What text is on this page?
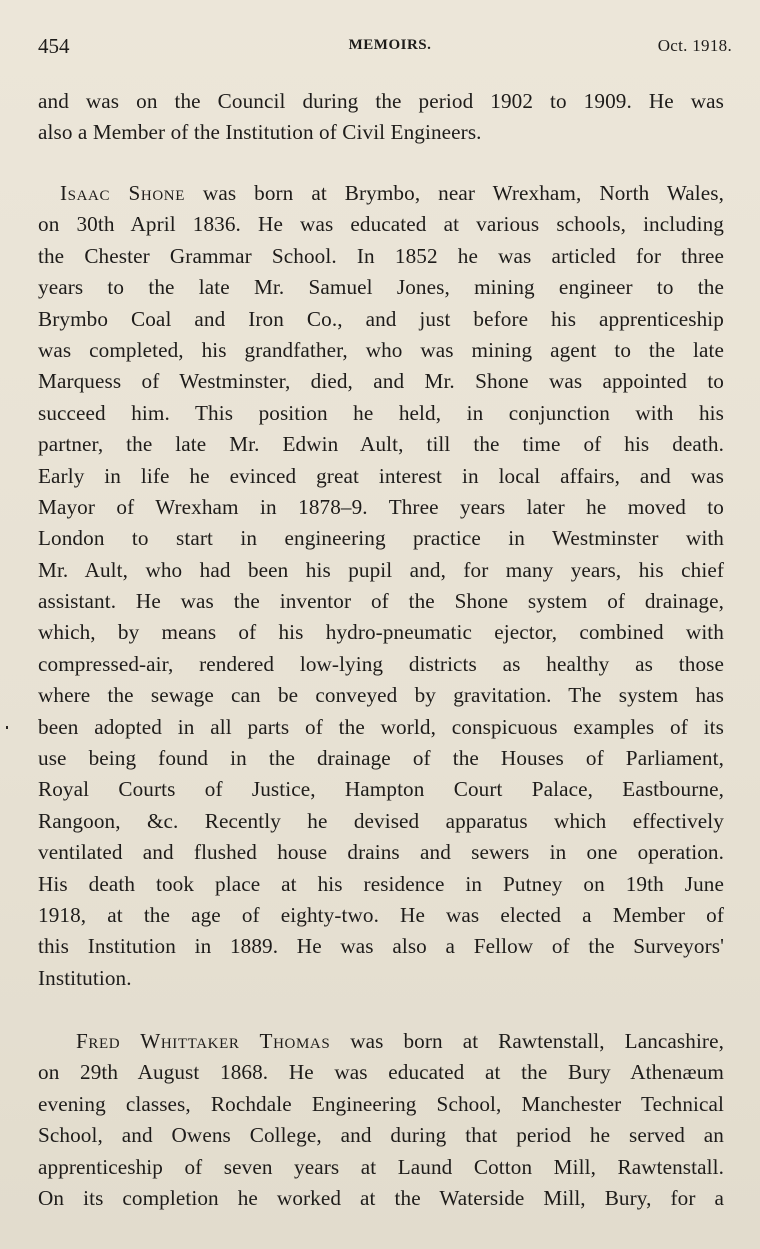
454	MEMOIRS.	Oct. 1918.
and was on the Council during the period 1902 to 1909. He was
also a Member of the Institution of Civil Engineers.
Isaac Shone was born at Brymbo, near Wrexham, North Wales,
on 30th April 1836. He was educated at various schools, including
the Chester Grammar School. In 1852 he was articled for three
years to the late Mr. Samuel Jones, mining engineer to the
Brymbo Coal and Iron Co., and just before his apprenticeship
was completed, his grandfather, who was mining agent to the late
Marquess of Westminster, died, and Mr. Shone was appointed to
succeed him. This position he held, in conjunction with his
partner, the late Mr. Edwin Ault, till the time of his death.
Early in life he evinced great interest in local affairs, and was
Mayor of Wrexham in 1878–9. Three years later he moved to
London to start in engineering practice in Westminster with
Mr. Ault, who had been his pupil and, for many years, his chief
assistant. He was the inventor of the Shone system of drainage,
which, by means of his hydro-pneumatic ejector, combined with
compressed-air, rendered low-lying districts as healthy as those
where the sewage can be conveyed by gravitation. The system has
been adopted in all parts of the world, conspicuous examples of its
use being found in the drainage of the Houses of Parliament,
Royal Courts of Justice, Hampton Court Palace, Eastbourne,
Rangoon, &c. Recently he devised apparatus which effectively
ventilated and flushed house drains and sewers in one operation.
His death took place at his residence in Putney on 19th June
1918, at the age of eighty-two. He was elected a Member of
this Institution in 1889. He was also a Fellow of the Surveyors'
Institution.
Fred Whittaker Thomas was born at Rawtenstall, Lancashire,
on 29th August 1868. He was educated at the Bury Athenæum
evening classes, Rochdale Engineering School, Manchester Technical
School, and Owens College, and during that period he served an
apprenticeship of seven years at Laund Cotton Mill, Rawtenstall.
On its completion he worked at the Waterside Mill, Bury, for a
